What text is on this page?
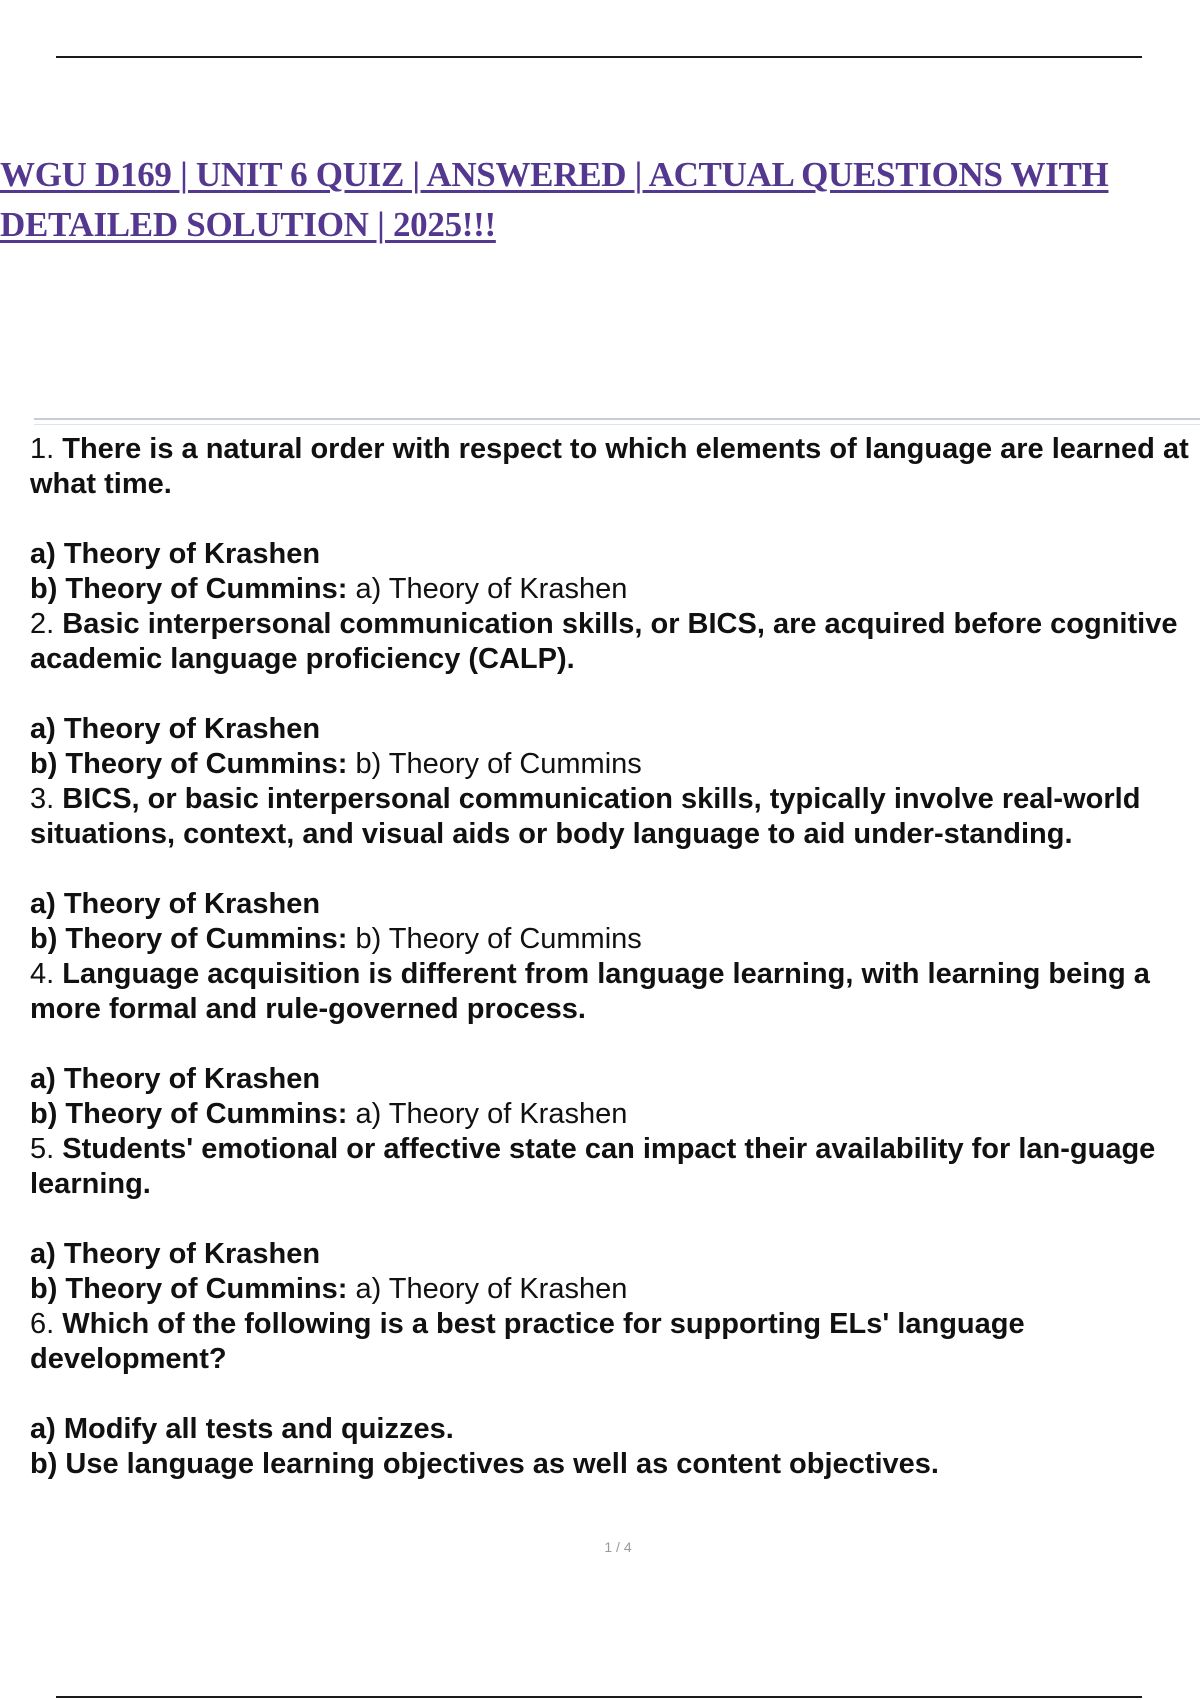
WGU D169 | UNIT 6 QUIZ | ANSWERED | ACTUAL QUESTIONS WITH DETAILED SOLUTION | 2025!!!

1. There is a natural order with respect to which elements of language are learned at what time.

a) Theory of Krashen

b) Theory of Cummins: a) Theory of Krashen

2. Basic interpersonal communication skills, or BICS, are acquired before cognitive academic language proficiency (CALP).

a) Theory of Krashen

b) Theory of Cummins: b) Theory of Cummins

3. BICS, or basic interpersonal communication skills, typically involve real-world situations, context, and visual aids or body language to aid under-standing.

a) Theory of Krashen

b) Theory of Cummins: b) Theory of Cummins

4. Language acquisition is different from language learning, with learning being a more formal and rule-governed process.

a) Theory of Krashen

b) Theory of Cummins: a) Theory of Krashen

5. Students' emotional or affective state can impact their availability for lan-guage learning.

a) Theory of Krashen

b) Theory of Cummins: a) Theory of Krashen

6. Which of the following is a best practice for supporting ELs' language development?

a) Modify all tests and quizzes.

b) Use language learning objectives as well as content objectives.

1 / 4
